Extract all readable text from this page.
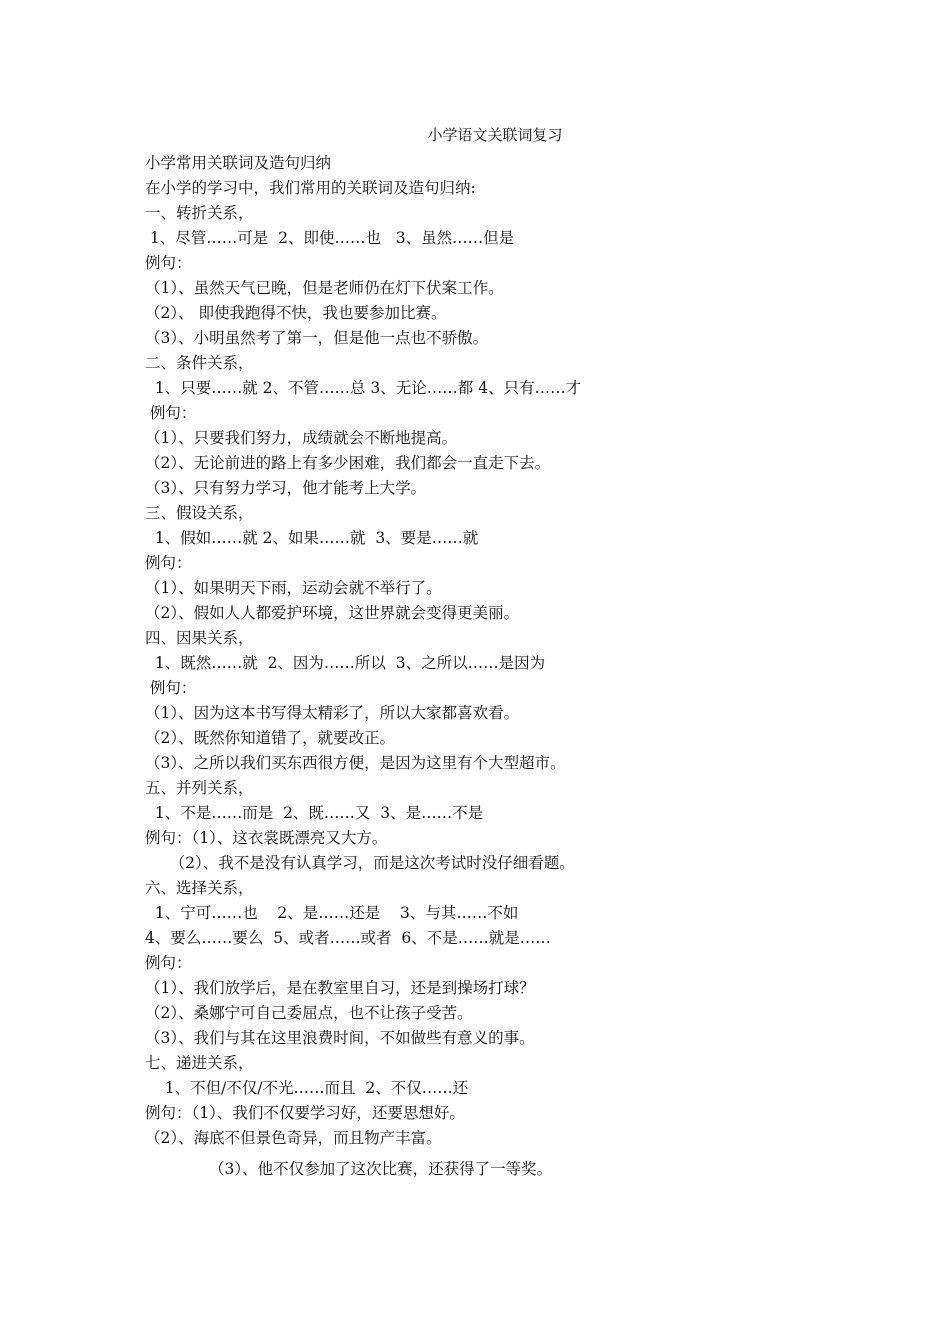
小学语文关联词复习
小学常用关联词及造句归纳
在小学的学习中，我们常用的关联词及造句归纳:
一、转折关系，
1、尽管……可是  2、即使……也   3、虽然……但是
例句：
（1）、虽然天气已晚，但是老师仍在灯下伏案工作。
（2）、 即使我跑得不快，我也要参加比赛。
（3）、小明虽然考了第一，但是他一点也不骄傲。
二、条件关系，
1、只要……就 2、不管……总 3、无论……都 4、只有……才
例句：
（1）、只要我们努力，成绩就会不断地提高。
（2）、无论前进的路上有多少困难，我们都会一直走下去。
（3）、只有努力学习，他才能考上大学。
三、假设关系，
1、假如……就 2、如果……就  3、要是……就
例句：
（1）、如果明天下雨，运动会就不举行了。
（2）、假如人人都爱护环境，这世界就会变得更美丽。
四、因果关系，
1、既然……就  2、因为……所以  3、之所以……是因为
例句：
（1）、因为这本书写得太精彩了，所以大家都喜欢看。
（2）、既然你知道错了，就要改正。
（3）、之所以我们买东西很方便，是因为这里有个大型超市。
五、并列关系，
1、不是……而是  2、既……又  3、是……不是
例句：（1）、这衣裳既漂亮又大方。
（2）、我不是没有认真学习，而是这次考试时没仔细看题。
六、选择关系，
1、宁可……也    2、是……还是    3、与其……不如
4、要么……要么  5、或者……或者  6、不是……就是……
例句：
（1）、我们放学后，是在教室里自习，还是到操场打球？
（2）、桑娜宁可自己委屈点，也不让孩子受苦。
（3）、我们与其在这里浪费时间，不如做些有意义的事。
七、递进关系，
1、不但/不仅/不光……而且  2、不仅……还
例句：（1）、我们不仅要学习好，还要思想好。
（2）、海底不但景色奇异，而且物产丰富。
（3）、他不仅参加了这次比赛，还获得了一等奖。
